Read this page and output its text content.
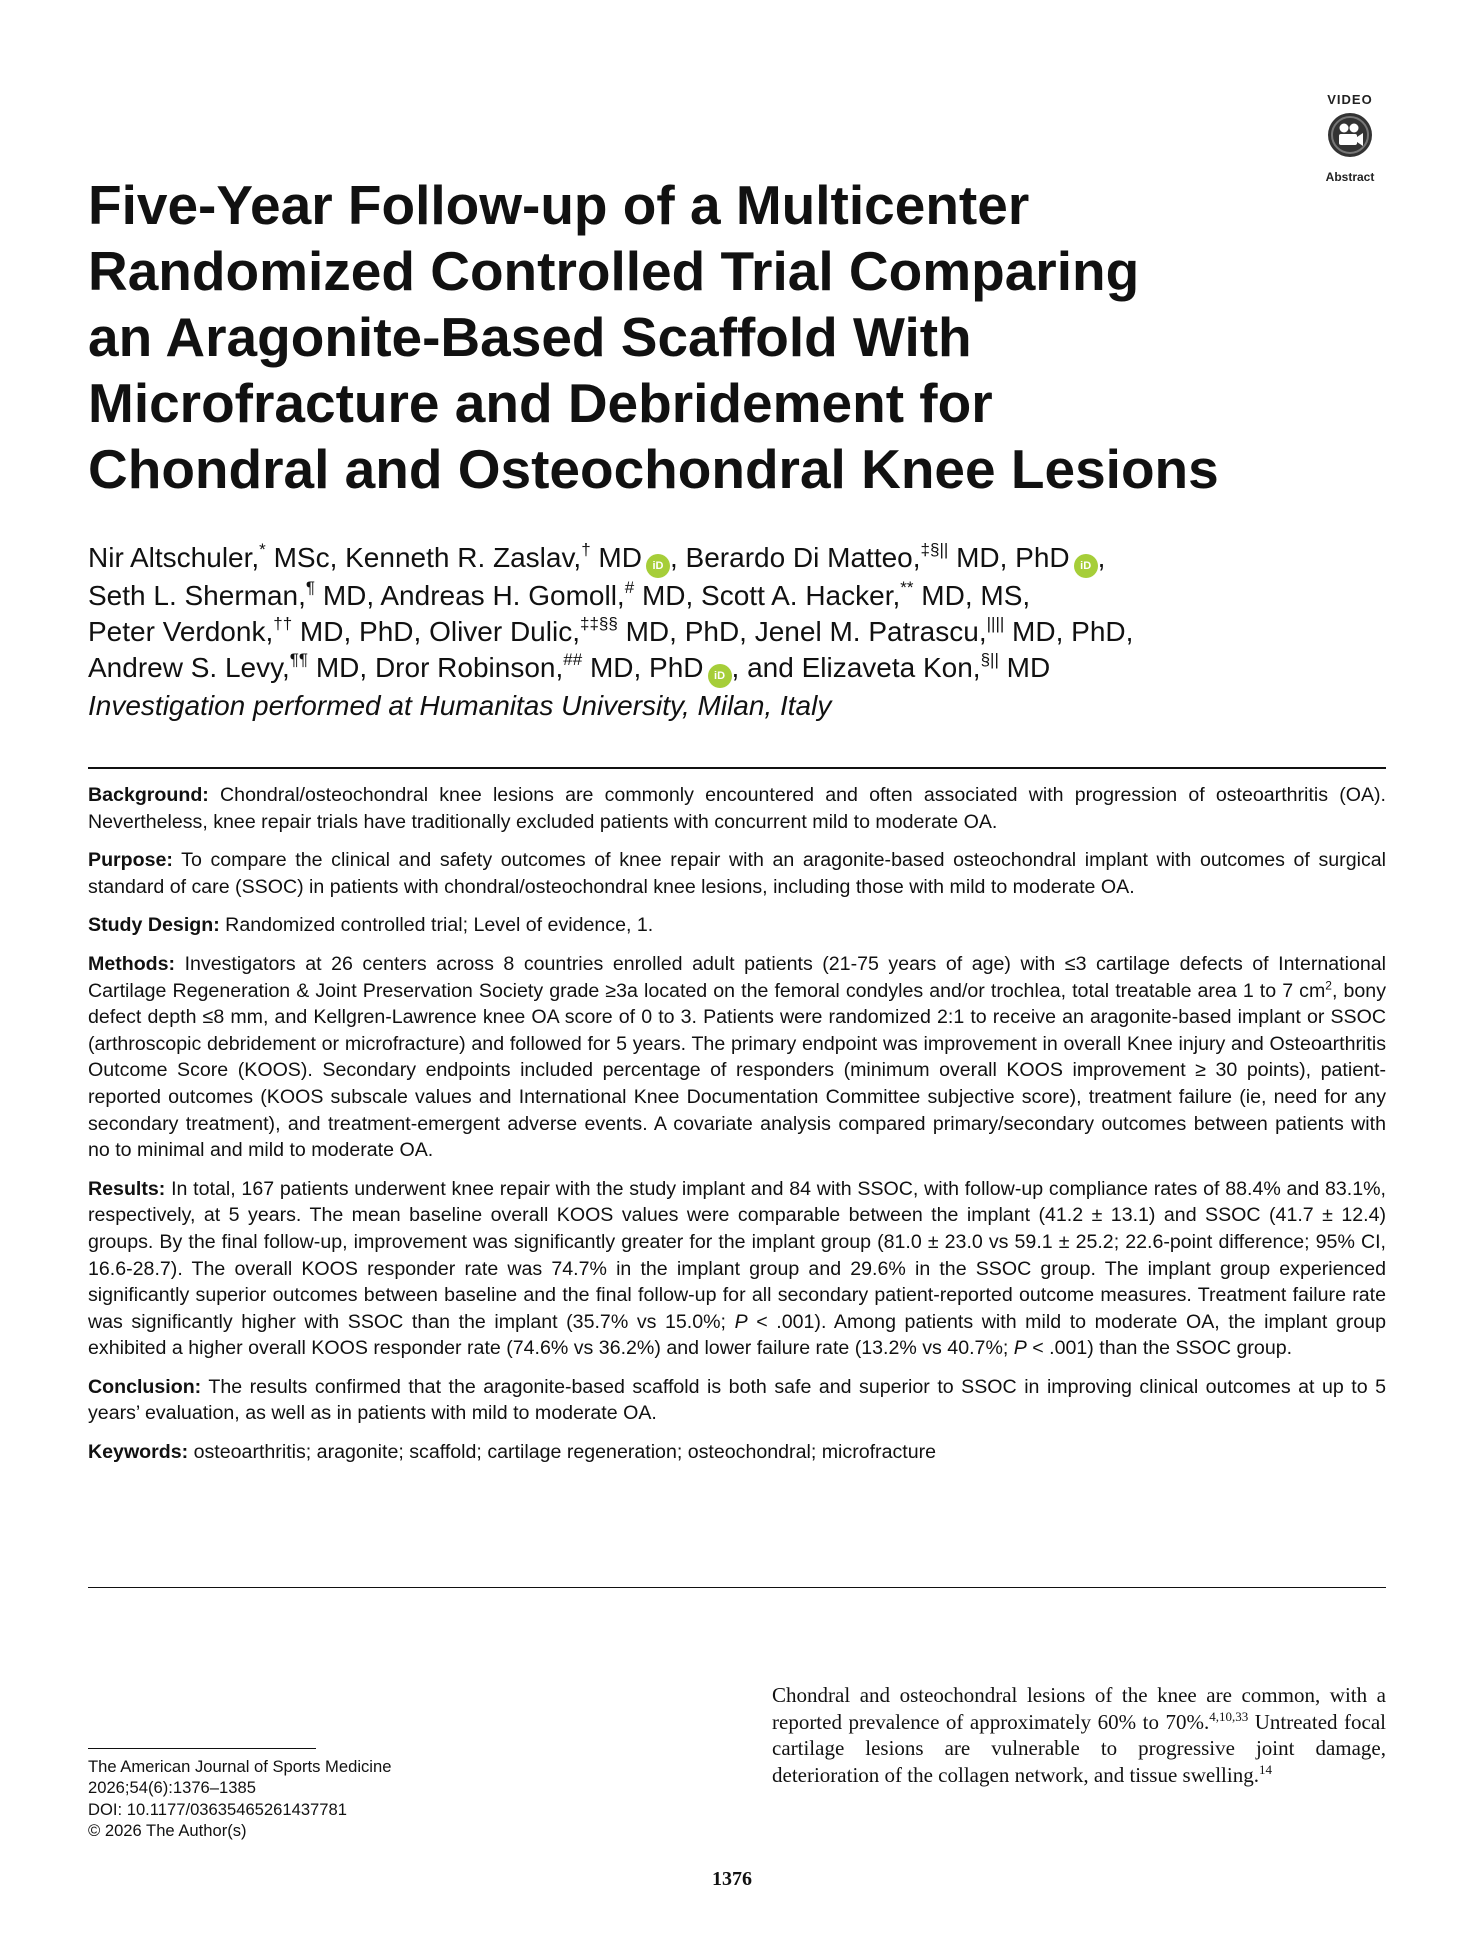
VIDEO
Abstract
Five-Year Follow-up of a Multicenter
Randomized Controlled Trial Comparing
an Aragonite-Based Scaffold With
Microfracture and Debridement for
Chondral and Osteochondral Knee Lesions
Nir Altschuler,* MSc, Kenneth R. Zaslav,† MD iD , Berardo Di Matteo,‡§|| MD, PhD iD ,
Seth L. Sherman,¶ MD, Andreas H. Gomoll,# MD, Scott A. Hacker,** MD, MS,
Peter Verdonk,†† MD, PhD, Oliver Dulic,‡‡§§ MD, PhD, Jenel M. Patrascu,|||| MD, PhD,
Andrew S. Levy,¶¶ MD, Dror Robinson,## MD, PhD iD , and Elizaveta Kon,§|| MD
Investigation performed at Humanitas University, Milan, Italy

Background: Chondral/osteochondral knee lesions are commonly encountered and often associated with progression of osteoarthritis (OA). Nevertheless, knee repair trials have traditionally excluded patients with concurrent mild to moderate OA.

Purpose: To compare the clinical and safety outcomes of knee repair with an aragonite-based osteochondral implant with outcomes of surgical standard of care (SSOC) in patients with chondral/osteochondral knee lesions, including those with mild to moderate OA.

Study Design: Randomized controlled trial; Level of evidence, 1.

Methods: Investigators at 26 centers across 8 countries enrolled adult patients (21-75 years of age) with ≤3 cartilage defects of International Cartilage Regeneration & Joint Preservation Society grade ≥3a located on the femoral condyles and/or trochlea, total treatable area 1 to 7 $cm^2$, bony defect depth ≤8 mm, and Kellgren-Lawrence knee OA score of 0 to 3. Patients were randomized 2:1 to receive an aragonite-based implant or SSOC (arthroscopic debridement or microfracture) and followed for 5 years. The primary endpoint was improvement in overall Knee injury and Osteoarthritis Outcome Score (KOOS). Secondary endpoints included percentage of responders (minimum overall KOOS improvement ≥ 30 points), patient-reported outcomes (KOOS subscale values and International Knee Documentation Committee subjective score), treatment failure (ie, need for any secondary treatment), and treatment-emergent adverse events. A covariate analysis compared primary/secondary outcomes between patients with no to minimal and mild to moderate OA.

Results: In total, 167 patients underwent knee repair with the study implant and 84 with SSOC, with follow-up compliance rates of 88.4% and 83.1%, respectively, at 5 years. The mean baseline overall KOOS values were comparable between the implant (41.2 ± 13.1) and SSOC (41.7 ± 12.4) groups. By the final follow-up, improvement was significantly greater for the implant group (81.0 ± 23.0 vs 59.1 ± 25.2; 22.6-point difference; 95% CI, 16.6-28.7). The overall KOOS responder rate was 74.7% in the implant group and 29.6% in the SSOC group. The implant group experienced significantly superior outcomes between baseline and the final follow-up for all secondary patient-reported outcome measures. Treatment failure rate was significantly higher with SSOC than the implant (35.7% vs 15.0%; P < .001). Among patients with mild to moderate OA, the implant group exhibited a higher overall KOOS responder rate (74.6% vs 36.2%) and lower failure rate (13.2% vs 40.7%; P < .001) than the SSOC group.

Conclusion: The results confirmed that the aragonite-based scaffold is both safe and superior to SSOC in improving clinical outcomes at up to 5 years’ evaluation, as well as in patients with mild to moderate OA.

Keywords: osteoarthritis; aragonite; scaffold; cartilage regeneration; osteochondral; microfracture

The American Journal of Sports Medicine
2026;54(6):1376–1385
DOI: 10.1177/03635465261437781
© 2026 The Author(s)
Chondral and osteochondral lesions of the knee are common, with a reported prevalence of approximately 60% to 70%.$^{4,10,33}$ Untreated focal cartilage lesions are vulnerable to progressive joint damage, deterioration of the collagen network, and tissue swelling.$^{14}$
1376
